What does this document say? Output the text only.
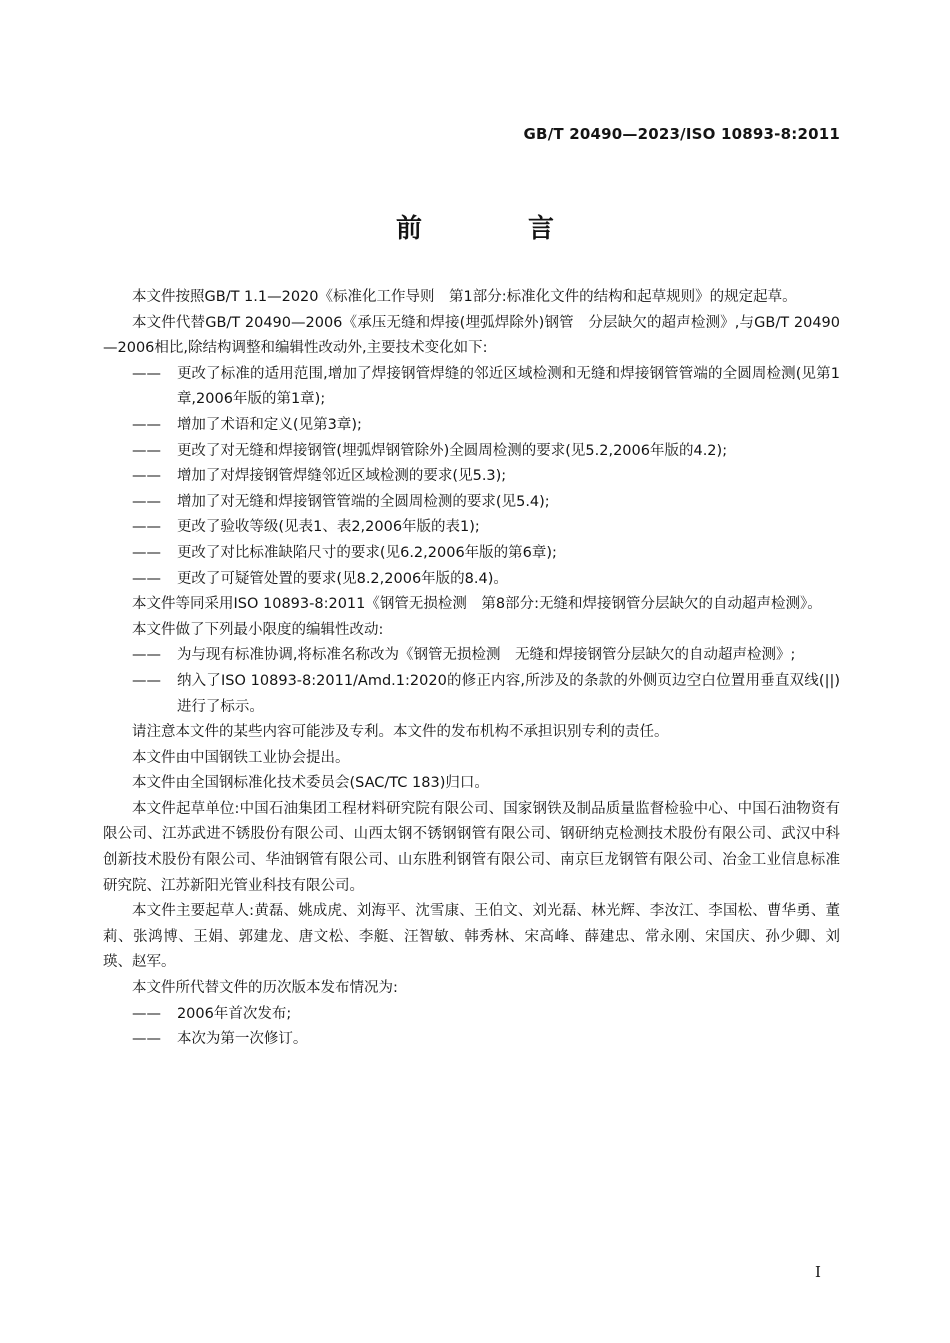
GB/T 20490—2023/ISO 10893-8:2011
前　言

本文件按照GB/T 1.1—2020《标准化工作导则　第1部分:标准化文件的结构和起草规则》的规定起草。

本文件代替GB/T 20490—2006《承压无缝和焊接(埋弧焊除外)钢管　分层缺欠的超声检测》,与GB/T 20490—2006相比,除结构调整和编辑性改动外,主要技术变化如下:

——	更改了标准的适用范围,增加了焊接钢管焊缝的邻近区域检测和无缝和焊接钢管管端的全圆周检测(见第1章,2006年版的第1章);
——	增加了术语和定义(见第3章);
——	更改了对无缝和焊接钢管(埋弧焊钢管除外)全圆周检测的要求(见5.2,2006年版的4.2);
——	增加了对焊接钢管焊缝邻近区域检测的要求(见5.3);
——	增加了对无缝和焊接钢管管端的全圆周检测的要求(见5.4);
——	更改了验收等级(见表1、表2,2006年版的表1);
——	更改了对比标准缺陷尺寸的要求(见6.2,2006年版的第6章);
——	更改了可疑管处置的要求(见8.2,2006年版的8.4)。

本文件等同采用ISO 10893-8:2011《钢管无损检测　第8部分:无缝和焊接钢管分层缺欠的自动超声检测》。

本文件做了下列最小限度的编辑性改动:

——	为与现有标准协调,将标准名称改为《钢管无损检测　无缝和焊接钢管分层缺欠的自动超声检测》;
——	纳入了ISO 10893-8:2011/Amd.1:2020的修正内容,所涉及的条款的外侧页边空白位置用垂直双线(||)进行了标示。

请注意本文件的某些内容可能涉及专利。本文件的发布机构不承担识别专利的责任。

本文件由中国钢铁工业协会提出。

本文件由全国钢标准化技术委员会(SAC/TC 183)归口。

本文件起草单位:中国石油集团工程材料研究院有限公司、国家钢铁及制品质量监督检验中心、中国石油物资有限公司、江苏武进不锈股份有限公司、山西太钢不锈钢钢管有限公司、钢研纳克检测技术股份有限公司、武汉中科创新技术股份有限公司、华油钢管有限公司、山东胜利钢管有限公司、南京巨龙钢管有限公司、冶金工业信息标准研究院、江苏新阳光管业科技有限公司。

本文件主要起草人:黄磊、姚成虎、刘海平、沈雪康、王伯文、刘光磊、林光辉、李汝江、李国松、曹华勇、董莉、张鸿博、王娟、郭建龙、唐文松、李艇、汪智敏、韩秀林、宋高峰、薛建忠、常永刚、宋国庆、孙少卿、刘瑛、赵军。

本文件所代替文件的历次版本发布情况为:

——	2006年首次发布;
——	本次为第一次修订。
I
